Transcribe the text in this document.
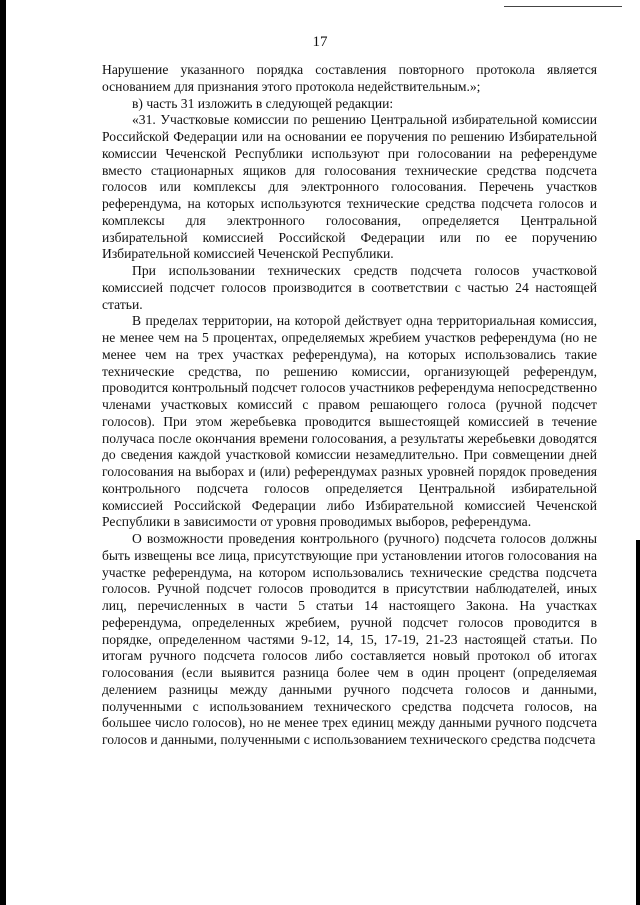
17

Нарушение указанного порядка составления повторного протокола является основанием для признания этого протокола недействительным.»;

в) часть 31 изложить в следующей редакции:

«31. Участковые комиссии по решению Центральной избирательной комиссии Российской Федерации или на основании ее поручения по решению Избирательной комиссии Чеченской Республики используют при голосовании на референдуме вместо стационарных ящиков для голосования технические средства подсчета голосов или комплексы для электронного голосования. Перечень участков референдума, на которых используются технические средства подсчета голосов и комплексы для электронного голосования, определяется Центральной избирательной комиссией Российской Федерации или по ее поручению Избирательной комиссией Чеченской Республики.

При использовании технических средств подсчета голосов участковой комиссией подсчет голосов производится в соответствии с частью 24 настоящей статьи.

В пределах территории, на которой действует одна территориальная комиссия, не менее чем на 5 процентах, определяемых жребием участков референдума (но не менее чем на трех участках референдума), на которых использовались такие технические средства, по решению комиссии, организующей референдум, проводится контрольный подсчет голосов участников референдума непосредственно членами участковых комиссий с правом решающего голоса (ручной подсчет голосов). При этом жеребьевка проводится вышестоящей комиссией в течение получаса после окончания времени голосования, а результаты жеребьевки доводятся до сведения каждой участковой комиссии незамедлительно. При совмещении дней голосования на выборах и (или) референдумах разных уровней порядок проведения контрольного подсчета голосов определяется Центральной избирательной комиссией Российской Федерации либо Избирательной комиссией Чеченской Республики в зависимости от уровня проводимых выборов, референдума.

О возможности проведения контрольного (ручного) подсчета голосов должны быть извещены все лица, присутствующие при установлении итогов голосования на участке референдума, на котором использовались технические средства подсчета голосов. Ручной подсчет голосов проводится в присутствии наблюдателей, иных лиц, перечисленных в части 5 статьи 14 настоящего Закона. На участках референдума, определенных жребием, ручной подсчет голосов проводится в порядке, определенном частями 9-12, 14, 15, 17-19, 21-23 настоящей статьи. По итогам ручного подсчета голосов либо составляется новый протокол об итогах голосования (если выявится разница более чем в один процент (определяемая делением разницы между данными ручного подсчета голосов и данными, полученными с использованием технического средства подсчета голосов, на большее число голосов), но не менее трех единиц между данными ручного подсчета голосов и данными, полученными с использованием технического средства подсчета
